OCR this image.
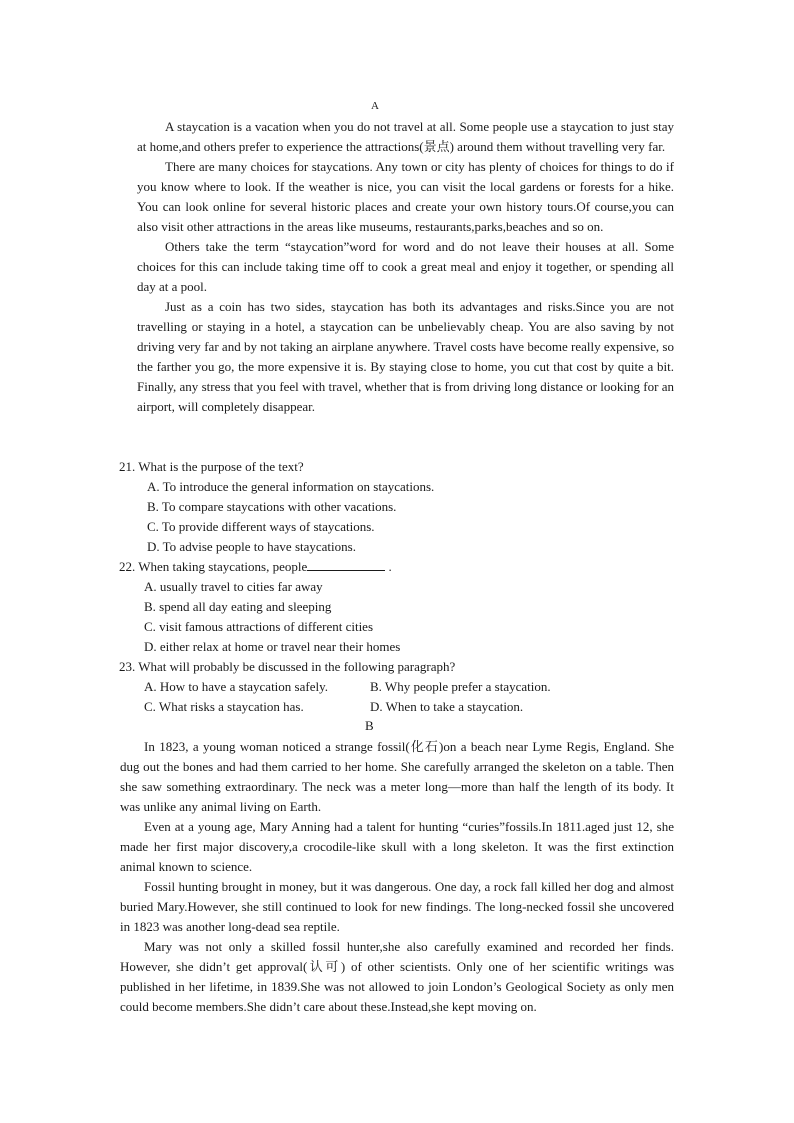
A

A staycation is a vacation when you do not travel at all. Some people use a staycation to just stay at home,and others prefer to experience the attractions(景点) around them without travelling very far.

There are many choices for staycations. Any town or city has plenty of choices for things to do if you know where to look. If the weather is nice, you can visit the local gardens or forests for a hike. You can look online for several historic places and create your own history tours.Of course,you can also visit other attractions in the areas like museums, restaurants,parks,beaches and so on.

Others take the term “staycation”word for word and do not leave their houses at all. Some choices for this can include taking time off to cook a great meal and enjoy it together, or spending all day at a pool.

Just as a coin has two sides, staycation has both its advantages and risks.Since you are not travelling or staying in a hotel, a staycation can be unbelievably cheap. You are also saving by not driving very far and by not taking an airplane anywhere. Travel costs have become really expensive, so the farther you go, the more expensive it is. By staying close to home, you cut that cost by quite a bit. Finally, any stress that you feel with travel, whether that is from driving long distance or looking for an airport, will completely disappear.

21. What is the purpose of the text?
A. To introduce the general information on staycations.
B. To compare staycations with other vacations.
C. To provide different ways of staycations.
D. To advise people to have staycations.
22. When taking staycations, people	.
A. usually travel to cities far away
B. spend all day eating and sleeping
C. visit famous attractions of different cities
D. either relax at home or travel near their homes
23. What will probably be discussed in the following paragraph?
A. How to have a staycation safely.	B. Why people prefer a staycation.
C. What risks a staycation has.	D. When to take a staycation.
B

In 1823, a young woman noticed a strange fossil(化石)on a beach near Lyme Regis, England. She dug out the bones and had them carried to her home. She carefully arranged the skeleton on a table. Then she saw something extraordinary. The neck was a meter long—more than half the length of its body. It was unlike any animal living on Earth.

Even at a young age, Mary Anning had a talent for hunting “curies”fossils.In 1811.aged just 12, she made her first major discovery,a crocodile-like skull with a long skeleton. It was the first extinction animal known to science.

Fossil hunting brought in money, but it was dangerous. One day, a rock fall killed her dog and almost buried Mary.However, she still continued to look for new findings. The long-necked fossil she uncovered in 1823 was another long-dead sea reptile.

Mary was not only a skilled fossil hunter,she also carefully examined and recorded her finds. However, she didn’t get approval(认可) of other scientists. Only one of her scientific writings was published in her lifetime, in 1839.She was not allowed to join London’s Geological Society as only men could become members.She didn’t care about these.Instead,she kept moving on.
